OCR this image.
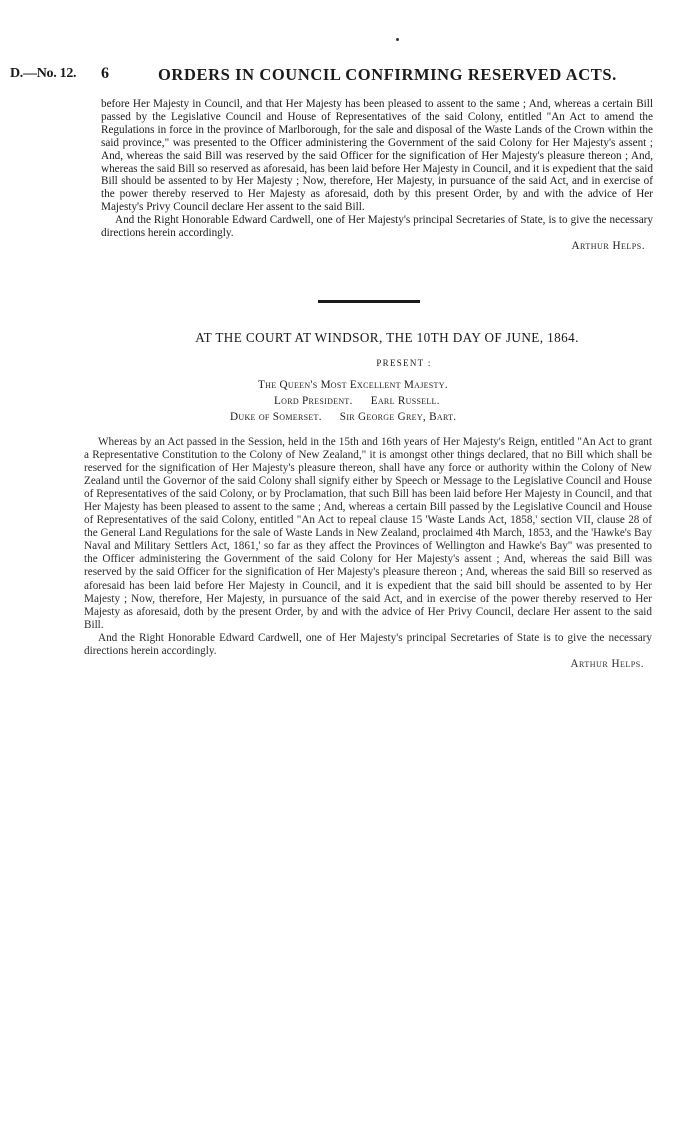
D.—No. 12. 6	ORDERS IN COUNCIL CONFIRMING RESERVED ACTS.

before Her Majesty in Council, and that Her Majesty has been pleased to assent to the same ; And, whereas a certain Bill passed by the Legislative Council and House of Representatives of the said Colony, entitled "An Act to amend the Regulations in force in the province of Marlborough, for the sale and disposal of the Waste Lands of the Crown within the said province," was presented to the Officer administering the Government of the said Colony for Her Majesty's assent ; And, whereas the said Bill was reserved by the said Officer for the signification of Her Majesty's pleasure thereon ; And, whereas the said Bill so reserved as aforesaid, has been laid before Her Majesty in Council, and it is expedient that the said Bill should be assented to by Her Majesty ; Now, therefore, Her Majesty, in pursuance of the said Act, and in exercise of the power thereby reserved to Her Majesty as aforesaid, doth by this present Order, by and with the advice of Her Majesty's Privy Council declare Her assent to the said Bill.

And the Right Honorable Edward Cardwell, one of Her Majesty's principal Secretaries of State, is to give the necessary directions herein accordingly.

Arthur Helps.

AT THE COURT AT WINDSOR, THE 10TH DAY OF JUNE, 1864.
PRESENT :
The Queen's Most Excellent Majesty.
Lord President. Earl Russell.
Duke of Somerset. Sir George Grey, Bart.

Whereas by an Act passed in the Session, held in the 15th and 16th years of Her Majesty's Reign, entitled "An Act to grant a Representative Constitution to the Colony of New Zealand," it is amongst other things declared, that no Bill which shall be reserved for the signification of Her Majesty's pleasure thereon, shall have any force or authority within the Colony of New Zealand until the Governor of the said Colony shall signify either by Speech or Message to the Legislative Council and House of Representatives of the said Colony, or by Proclamation, that such Bill has been laid before Her Majesty in Council, and that Her Majesty has been pleased to assent to the same ; And, whereas a certain Bill passed by the Legislative Council and House of Representatives of the said Colony, entitled "An Act to repeal clause 15 'Waste Lands Act, 1858,' section VII, clause 28 of the General Land Regulations for the sale of Waste Lands in New Zealand, proclaimed 4th March, 1853, and the 'Hawke's Bay Naval and Military Settlers Act, 1861,' so far as they affect the Provinces of Wellington and Hawke's Bay" was presented to the Officer administering the Government of the said Colony for Her Majesty's assent ; And, whereas the said Bill was reserved by the said Officer for the signification of Her Majesty's pleasure thereon ; And, whereas the said Bill so reserved as aforesaid has been laid before Her Majesty in Council, and it is expedient that the said bill should be assented to by Her Majesty ; Now, therefore, Her Majesty, in pursuance of the said Act, and in exercise of the power thereby reserved to Her Majesty as aforesaid, doth by the present Order, by and with the advice of Her Privy Council, declare Her assent to the said Bill.

And the Right Honorable Edward Cardwell, one of Her Majesty's principal Secretaries of State is to give the necessary directions herein accordingly.

Arthur Helps.
